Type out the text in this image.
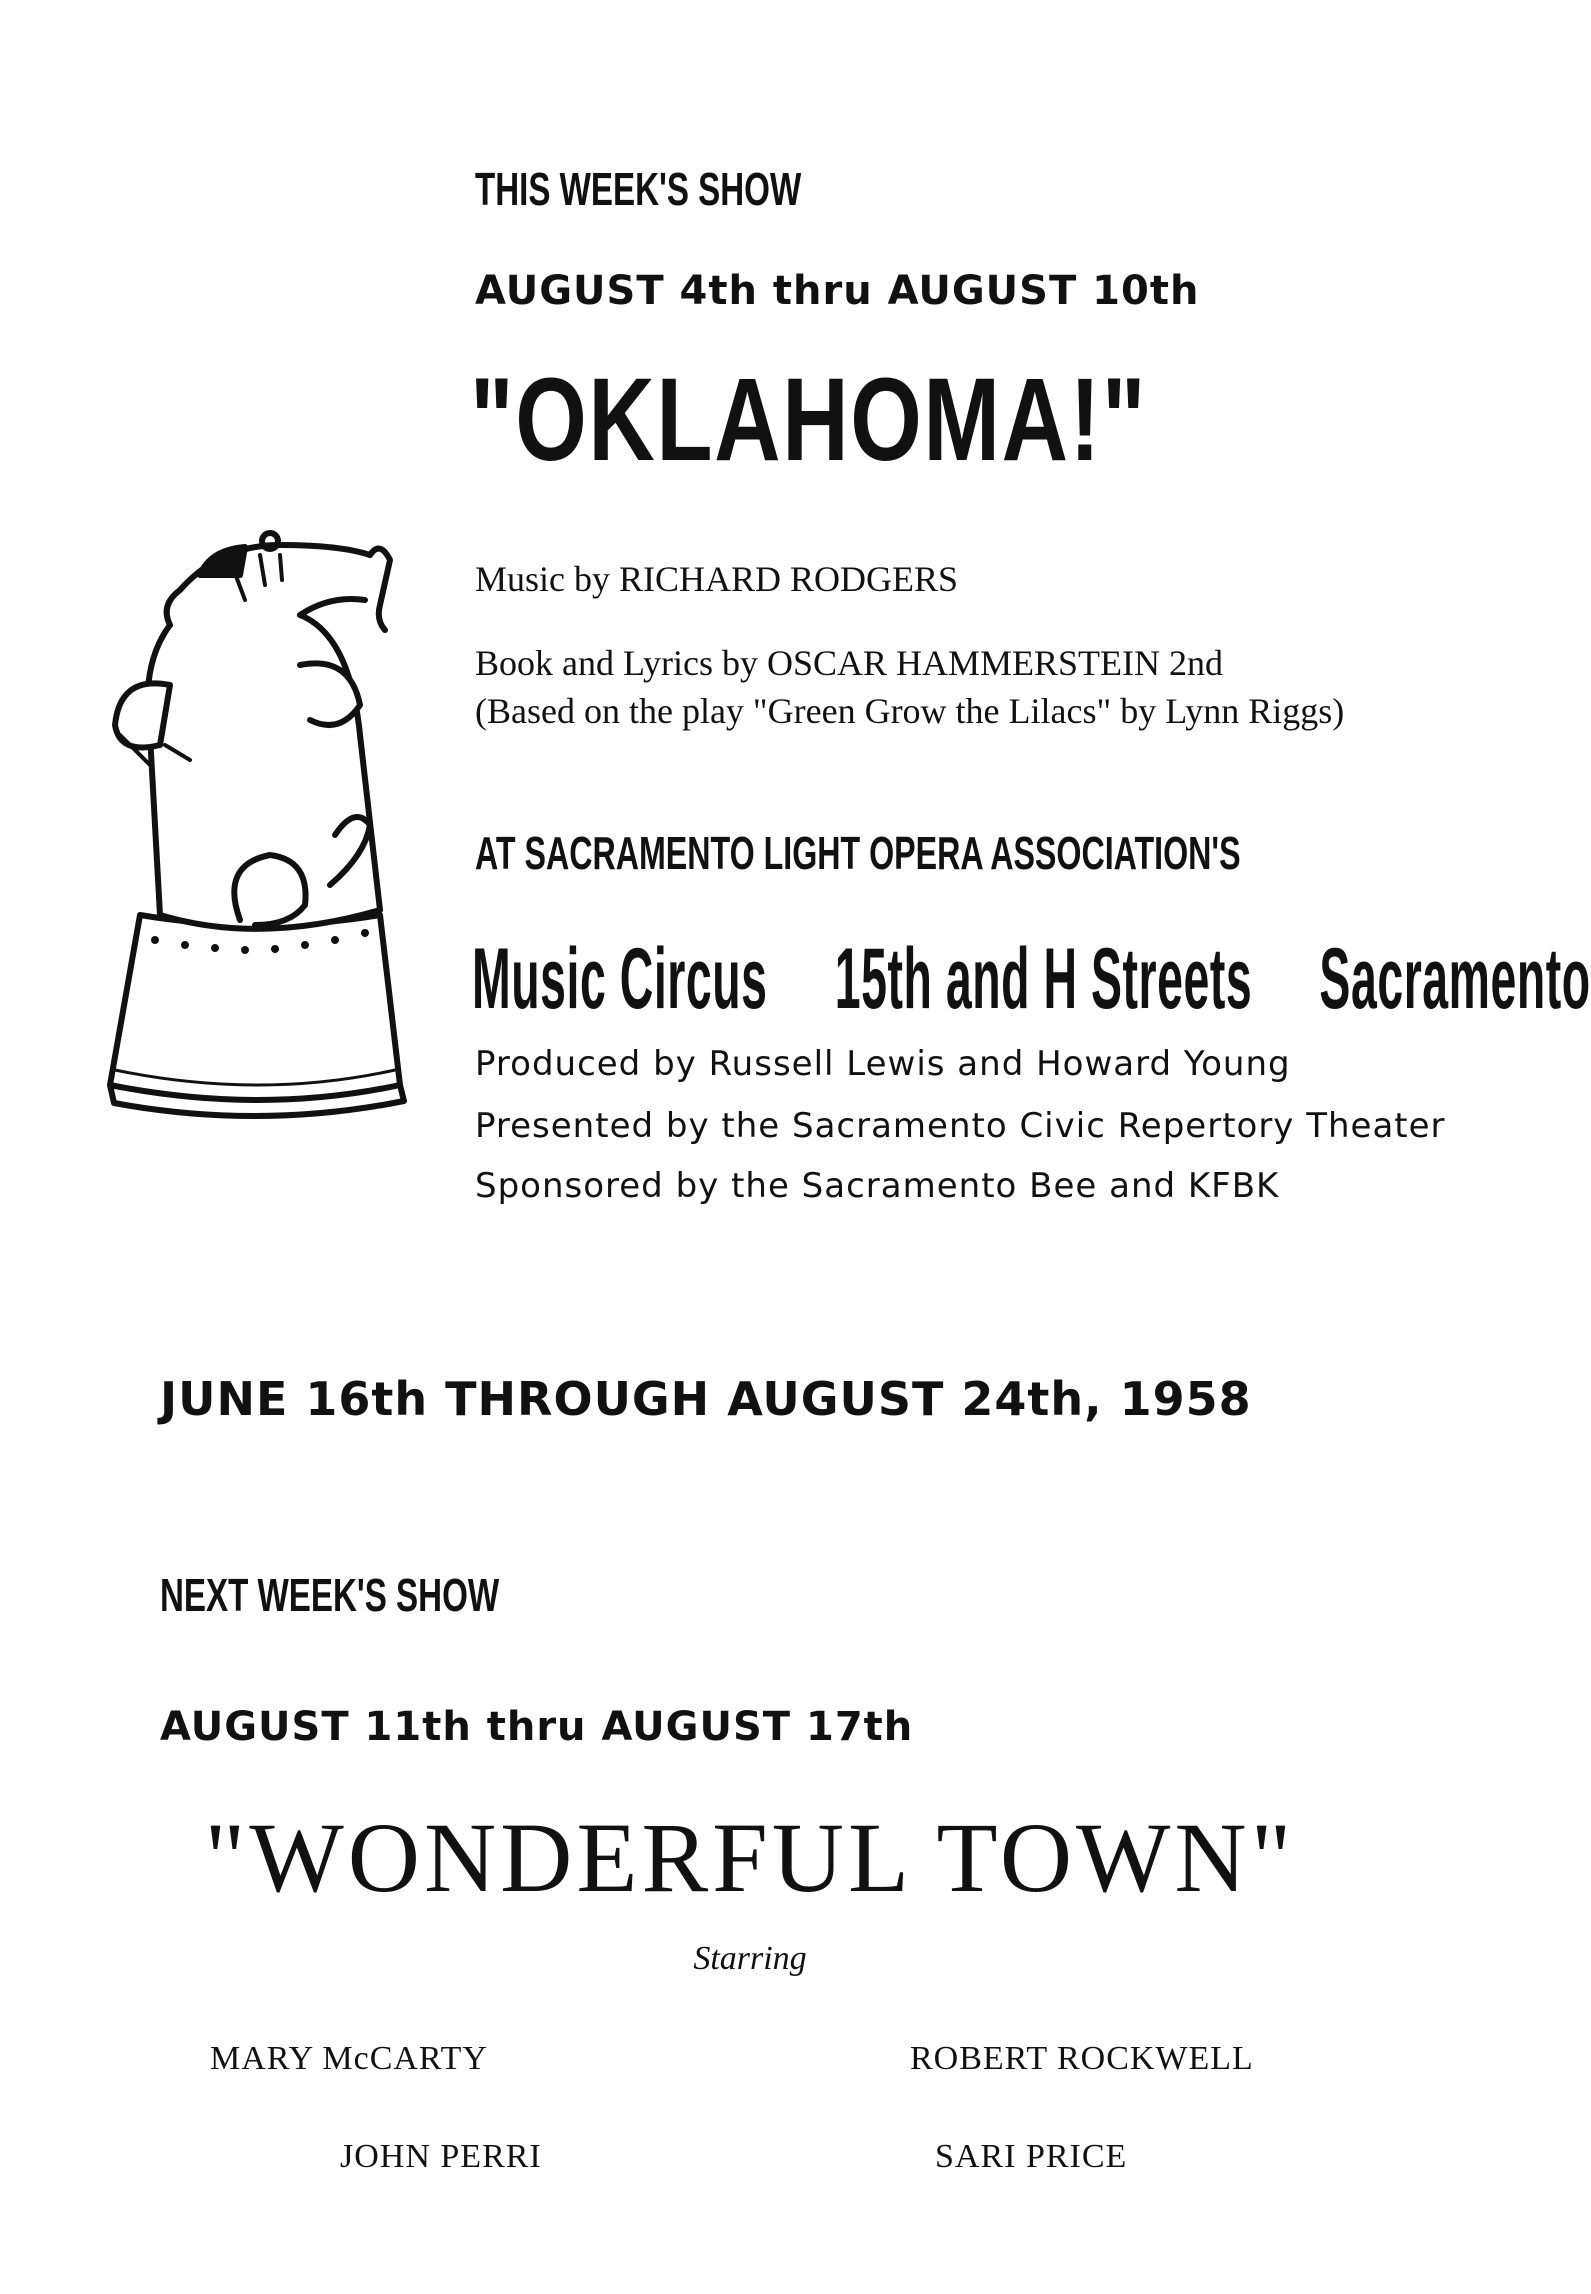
THIS WEEK'S SHOW
AUGUST 4th thru AUGUST 10th
"OKLAHOMA!"
Music by RICHARD RODGERS
Book and Lyrics by OSCAR HAMMERSTEIN 2nd
(Based on the play "Green Grow the Lilacs" by Lynn Riggs)
AT SACRAMENTO LIGHT OPERA ASSOCIATION'S
Music Circus 15th and H Streets Sacramento
Produced by Russell Lewis and Howard Young
Presented by the Sacramento Civic Repertory Theater
Sponsored by the Sacramento Bee and KFBK
JUNE 16th THROUGH AUGUST 24th, 1958
NEXT WEEK'S SHOW
AUGUST 11th thru AUGUST 17th
"WONDERFUL TOWN"
Starring
MARY McCARTY	ROBERT ROCKWELL
JOHN PERRI	SARI PRICE
